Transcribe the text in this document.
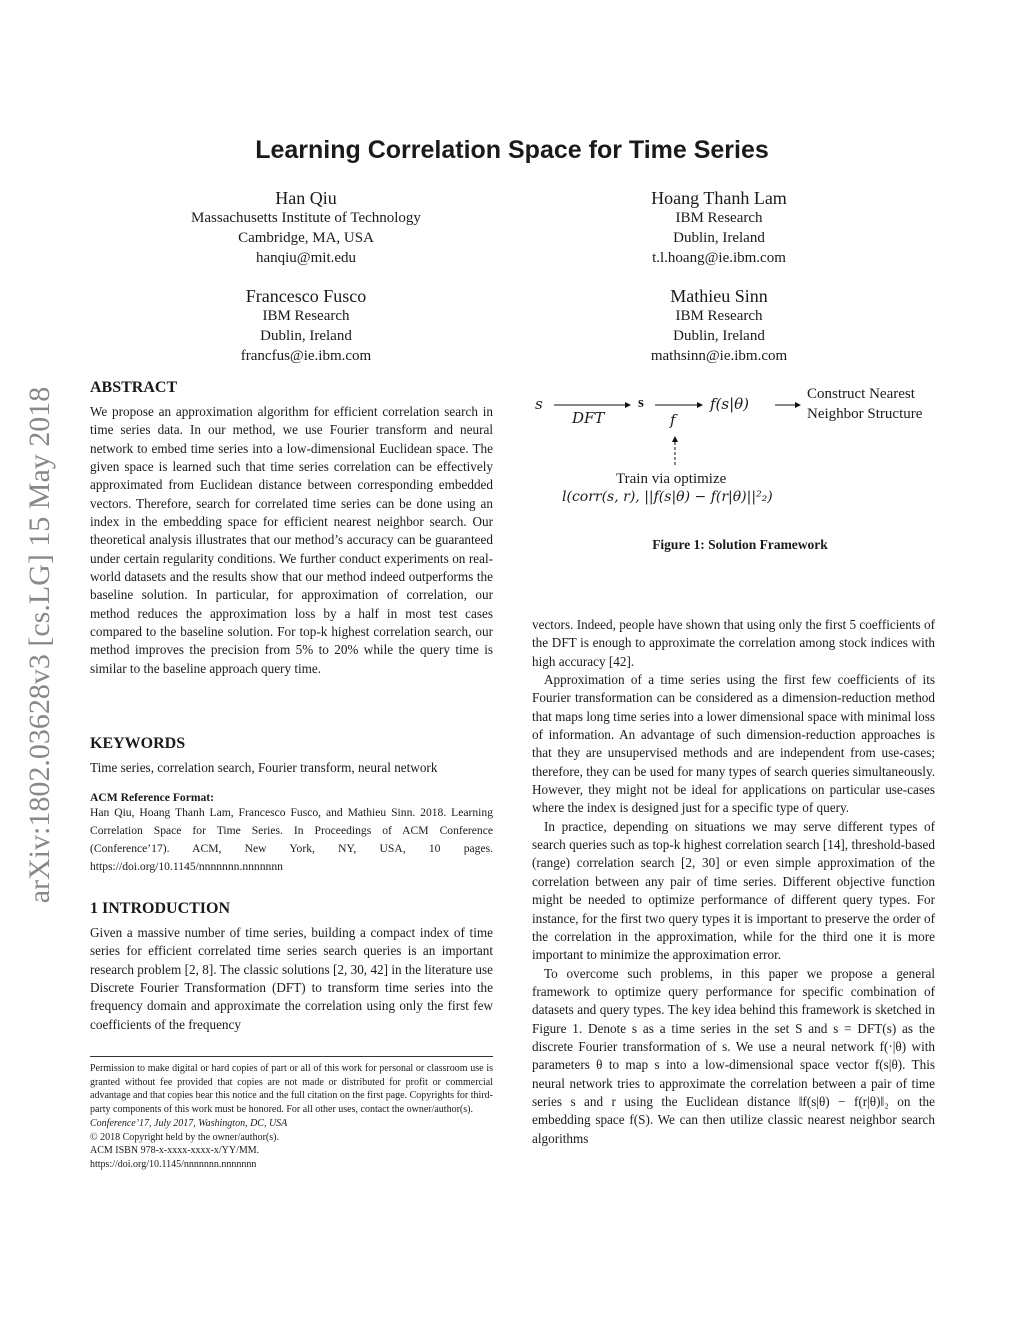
arXiv:1802.03628v3 [cs.LG] 15 May 2018
Learning Correlation Space for Time Series
Han Qiu
Massachusetts Institute of Technology
Cambridge, MA, USA
hanqiu@mit.edu
Hoang Thanh Lam
IBM Research
Dublin, Ireland
t.l.hoang@ie.ibm.com
Francesco Fusco
IBM Research
Dublin, Ireland
francfus@ie.ibm.com
Mathieu Sinn
IBM Research
Dublin, Ireland
mathsinn@ie.ibm.com
ABSTRACT

We propose an approximation algorithm for efficient correlation search in time series data. In our method, we use Fourier transform and neural network to embed time series into a low-dimensional Euclidean space. The given space is learned such that time series correlation can be effectively approximated from Euclidean distance between corresponding embedded vectors. Therefore, search for correlated time series can be done using an index in the embedding space for efficient nearest neighbor search. Our theoretical analysis illustrates that our method’s accuracy can be guaranteed under certain regularity conditions. We further conduct experiments on real-world datasets and the results show that our method indeed outperforms the baseline solution. In particular, for approximation of correlation, our method reduces the approximation loss by a half in most test cases compared to the baseline solution. For top-k highest correlation search, our method improves the precision from 5% to 20% while the query time is similar to the baseline approach query time.

KEYWORDS
Time series, correlation search, Fourier transform, neural network
ACM Reference Format:
Han Qiu, Hoang Thanh Lam, Francesco Fusco, and Mathieu Sinn. 2018. Learning Correlation Space for Time Series. In Proceedings of ACM Conference (Conference’17). ACM, New York, NY, USA, 10 pages. https://doi.org/10.1145/nnnnnnn.nnnnnnn
1 INTRODUCTION

Given a massive number of time series, building a compact index of time series for efficient correlated time series search queries is an important research problem [2, 8]. The classic solutions [2, 30, 42] in the literature use Discrete Fourier Transformation (DFT) to transform time series into the frequency domain and approximate the correlation using only the first few coefficients of the frequency

Permission to make digital or hard copies of part or all of this work for personal or classroom use is granted without fee provided that copies are not made or distributed for profit or commercial advantage and that copies bear this notice and the full citation on the first page. Copyrights for third-party components of this work must be honored. For all other uses, contact the owner/author(s).
Conference’17, July 2017, Washington, DC, USA
© 2018 Copyright held by the owner/author(s).
ACM ISBN 978-x-xxxx-xxxx-x/YY/MM.
https://doi.org/10.1145/nnnnnnn.nnnnnnn
s
DFT
s
f
f(s|θ)
Construct Nearest
Neighbor Structure
Train via optimize
l(corr(s, r), ||f(s|θ) − f(r|θ)||²₂)
Figure 1: Solution Framework

vectors. Indeed, people have shown that using only the first 5 coefficients of the DFT is enough to approximate the correlation among stock indices with high accuracy [42].

Approximation of a time series using the first few coefficients of its Fourier transformation can be considered as a dimension-reduction method that maps long time series into a lower dimensional space with minimal loss of information. An advantage of such dimension-reduction approaches is that they are unsupervised methods and are independent from use-cases; therefore, they can be used for many types of search queries simultaneously. However, they might not be ideal for applications on particular use-cases where the index is designed just for a specific type of query.

In practice, depending on situations we may serve different types of search queries such as top-k highest correlation search [14], threshold-based (range) correlation search [2, 30] or even simple approximation of the correlation between any pair of time series. Different objective function might be needed to optimize performance of different query types. For instance, for the first two query types it is important to preserve the order of the correlation in the approximation, while for the third one it is more important to minimize the approximation error.

To overcome such problems, in this paper we propose a general framework to optimize query performance for specific combination of datasets and query types. The key idea behind this framework is sketched in Figure 1. Denote s as a time series in the set S and s = DFT(s) as the discrete Fourier transformation of s. We use a neural network f(·|θ) with parameters θ to map s into a low-dimensional space vector f(s|θ). This neural network tries to approximate the correlation between a pair of time series s and r using the Euclidean distance ‖f(s|θ) − f(r|θ)‖₂ on the embedding space f(S). We can then utilize classic nearest neighbor search algorithms
